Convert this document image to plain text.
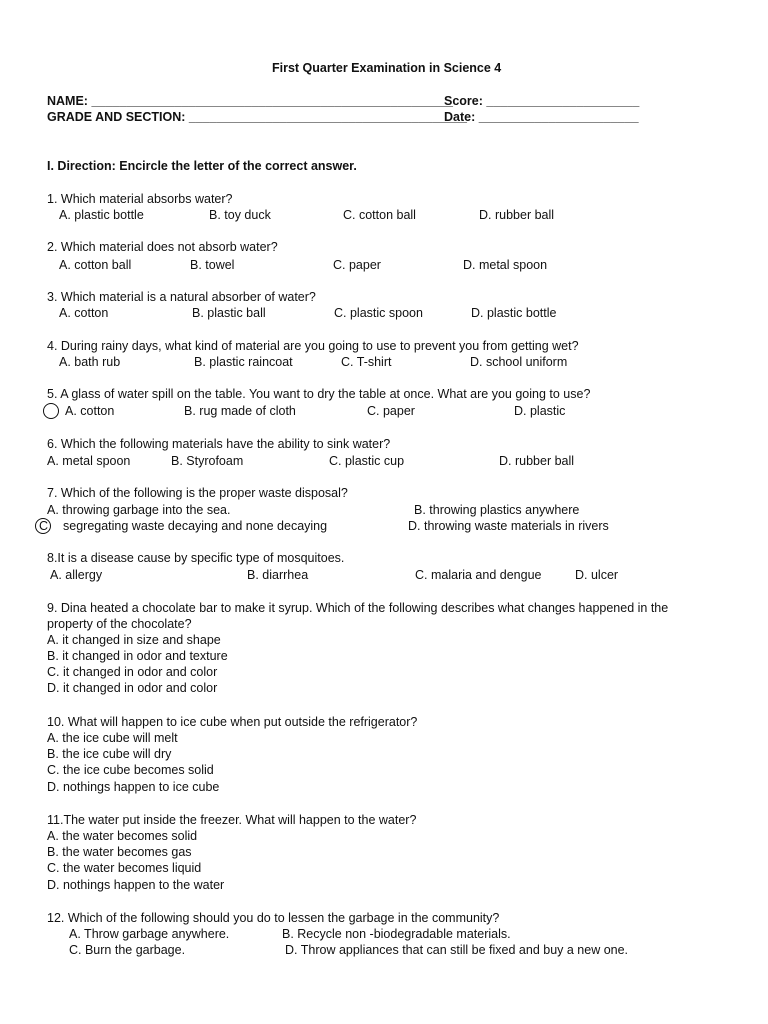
First Quarter Examination in Science 4
NAME: ____________________________________________________
Score: ______________________
GRADE AND SECTION: ________________________________________
Date: _______________________
I. Direction: Encircle the letter of the correct answer.
1. Which material absorbs water?
A. plastic bottle	B. toy duck	C. cotton ball	D. rubber ball
2. Which material does not absorb water?
A. cotton ball	B. towel	C. paper	D. metal spoon
3. Which material is a natural absorber of water?
A. cotton	B. plastic ball	C. plastic spoon	D. plastic bottle
4. During rainy days, what kind of material are you going to use to prevent you from getting wet?
A. bath rub	B. plastic raincoat	C. T-shirt	D. school uniform
5. A glass of water spill on the table. You want to dry the table at once. What are you going to use?
A. cotton	B. rug made of cloth	C. paper	D. plastic
6. Which the following materials have the ability to sink water?
A. metal spoon	B. Styrofoam	C. plastic cup	D. rubber ball
7. Which of the following is the proper waste disposal?
A. throwing garbage into the sea.	B. throwing plastics anywhere
C segregating waste decaying and none decaying	D. throwing waste materials in rivers
8.It is a disease cause by specific type of mosquitoes.
A. allergy	B. diarrhea	C. malaria and dengue	D. ulcer
9. Dina heated a chocolate bar to make it syrup. Which of the following describes what changes happened in the
property of the chocolate?
A. it changed in size and shape
B. it changed in odor and texture
C. it changed in odor and color
D. it changed in odor and color
10. What will happen to ice cube when put outside the refrigerator?
A. the ice cube will melt
B. the ice cube will dry
C. the ice cube becomes solid
D. nothings happen to ice cube
11.The water put inside the freezer. What will happen to the water?
A. the water becomes solid
B. the water becomes gas
C. the water becomes liquid
D. nothings happen to the water
12. Which of the following should you do to lessen the garbage in the community?
A. Throw garbage anywhere.	B. Recycle non -biodegradable materials.
C. Burn the garbage.	D. Throw appliances that can still be fixed and buy a new one.
